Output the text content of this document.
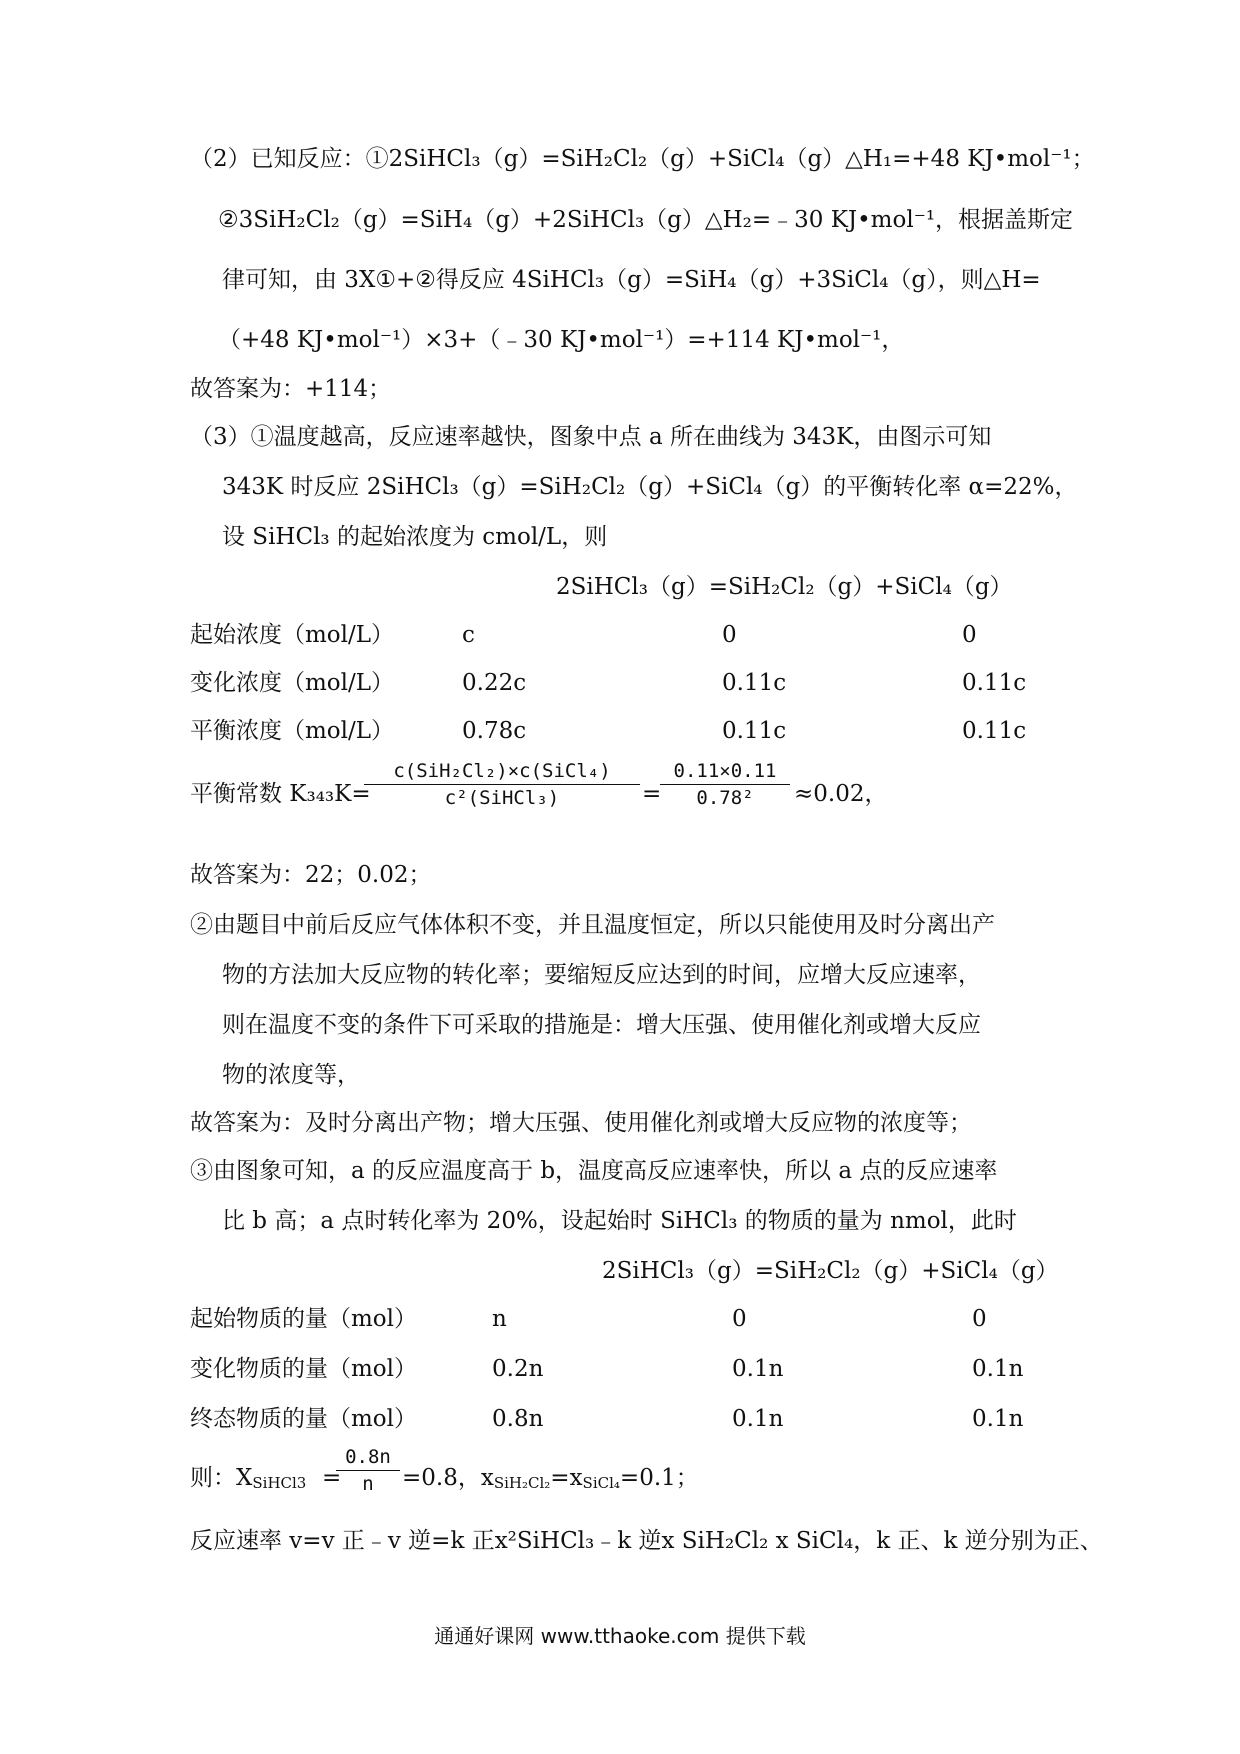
（2）已知反应：①2SiHCl₃（g）=SiH₂Cl₂（g）+SiCl₄（g）△H₁=+48 KJ•mol⁻¹；
②3SiH₂Cl₂（g）=SiH₄（g）+2SiHCl₃（g）△H₂=﹣30 KJ•mol⁻¹，根据盖斯定
律可知，由 3X①+②得反应 4SiHCl₃（g）=SiH₄（g）+3SiCl₄（g），则△H=
（+48 KJ•mol⁻¹）×3+（﹣30 KJ•mol⁻¹）=+114 KJ•mol⁻¹，
故答案为：+114；
（3）①温度越高，反应速率越快，图象中点 a 所在曲线为 343K，由图示可知
343K 时反应 2SiHCl₃（g）=SiH₂Cl₂（g）+SiCl₄（g）的平衡转化率 α=22%，
设 SiHCl₃ 的起始浓度为 cmol/L，则
2SiHCl₃（g）=SiH₂Cl₂（g）+SiCl₄（g）
起始浓度（mol/L）	c	0	0
变化浓度（mol/L）	0.22c	0.11c	0.11c
平衡浓度（mol/L）	0.78c	0.11c	0.11c
平衡常数 K₃₄₃K=
c(SiH₂Cl₂)×c(SiCl₄)
c²(SiHCl₃)	=
$\frac{0.11\times 0.11}{\text{0.78²}} \approx 0.02$，
故答案为：22；0.02；
②由题目中前后反应气体体积不变，并且温度恒定，所以只能使用及时分离出产
物的方法加大反应物的转化率；要缩短反应达到的时间，应增大反应速率，
则在温度不变的条件下可采取的措施是：增大压强、使用催化剂或增大反应
物的浓度等，
故答案为：及时分离出产物；增大压强、使用催化剂或增大反应物的浓度等；
③由图象可知，a 的反应温度高于 b，温度高反应速率快，所以 a 点的反应速率
比 b 高；a 点时转化率为 20%，设起始时 SiHCl₃ 的物质的量为 nmol，此时
2SiHCl₃（g）=SiH₂Cl₂（g）+SiCl₄（g）
起始物质的量（mol）	n	0	0
变化物质的量（mol）	0.2n	0.1n	0.1n
终态物质的量（mol）	0.8n	0.1n	0.1n
则：$X_{SiHCl3}$ =
$\frac{0.8n}{n} =0.8$，$x_{SiH_2Cl_2}=x_{SiCl_4}=0.1$；
反应速率 v=v 正﹣v 逆=k 正x²SiHCl₃﹣k 逆x SiH₂Cl₂ x SiCl₄，k 正、k 逆分别为正、
通通好课网 www.tthaoke.com 提供下载
